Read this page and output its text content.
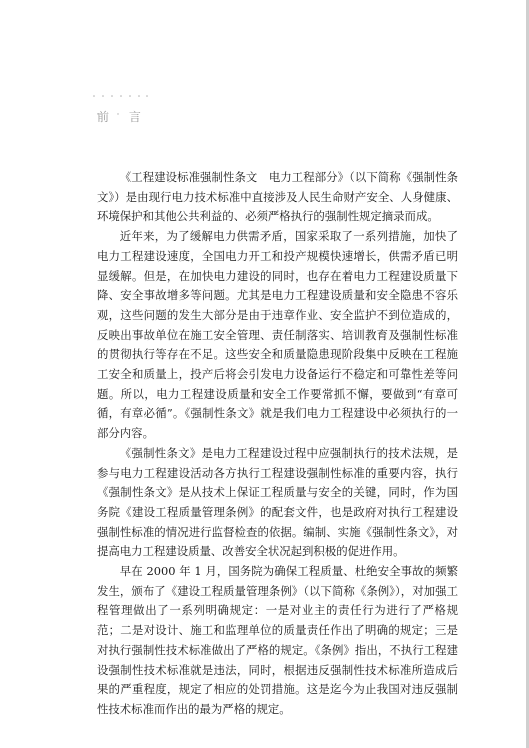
前 言

《工程建设标准强制性条文　电力工程部分》（以下简称《强制性条文》）是由现行电力技术标准中直接涉及人民生命财产安全、人身健康、环境保护和其他公共利益的、必须严格执行的强制性规定摘录而成。

近年来，为了缓解电力供需矛盾，国家采取了一系列措施，加快了电力工程建设速度，全国电力开工和投产规模快速增长，供需矛盾已明显缓解。但是，在加快电力建设的同时，也存在着电力工程建设质量下降、安全事故增多等问题。尤其是电力工程建设质量和安全隐患不容乐观，这些问题的发生大部分是由于违章作业、安全监护不到位造成的，反映出事故单位在施工安全管理、责任制落实、培训教育及强制性标准的贯彻执行等存在不足。这些安全和质量隐患现阶段集中反映在工程施工安全和质量上，投产后将会引发电力设备运行不稳定和可靠性差等问题。所以，电力工程建设质量和安全工作要常抓不懈，要做到“有章可循，有章必循”。《强制性条文》就是我们电力工程建设中必须执行的一部分内容。

《强制性条文》是电力工程建设过程中应强制执行的技术法规，是参与电力工程建设活动各方执行工程建设强制性标准的重要内容，执行《强制性条文》是从技术上保证工程质量与安全的关键，同时，作为国务院《建设工程质量管理条例》的配套文件，也是政府对执行工程建设强制性标准的情况进行监督检查的依据。编制、实施《强制性条文》，对提高电力工程建设质量、改善安全状况起到积极的促进作用。

早在 2000 年 1 月，国务院为确保工程质量、杜绝安全事故的频繁发生，颁布了《建设工程质量管理条例》（以下简称《条例》），对加强工程管理做出了一系列明确规定：一是对业主的责任行为进行了严格规范；二是对设计、施工和监理单位的质量责任作出了明确的规定；三是对执行强制性技术标准做出了严格的规定。《条例》指出，不执行工程建设强制性技术标准就是违法，同时，根据违反强制性技术标准所造成后果的严重程度，规定了相应的处罚措施。这是迄今为止我国对违反强制性技术标准而作出的最为严格的规定。
